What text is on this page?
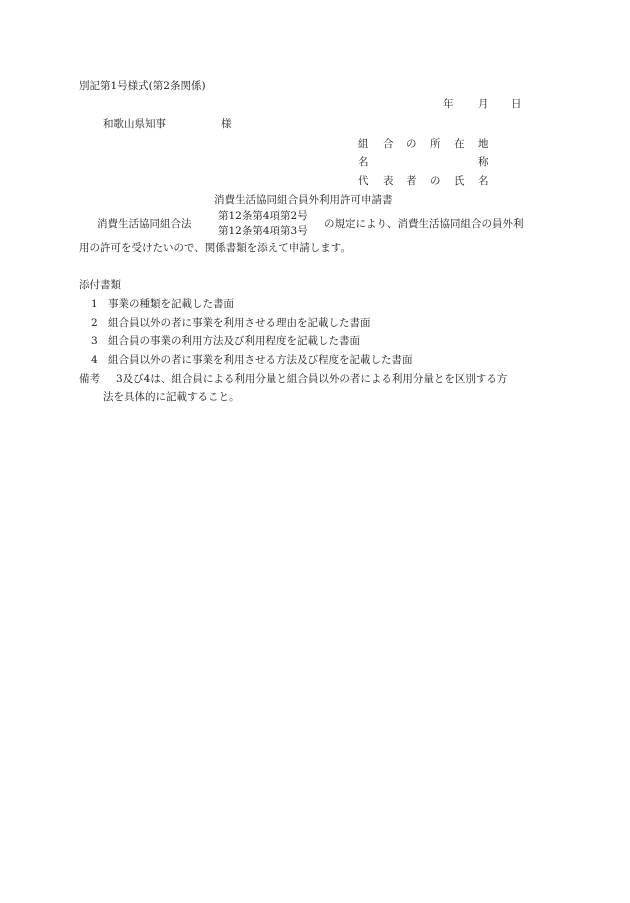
別記第1号様式(第2条関係)
年 月 日
和歌山県知事	様
組 合 の 所 在 地
名	称
代 表 者 の 氏 名
消費生活協同組合員外利用許可申請書
消費生活協同組合法
第12条第4項第2号
第12条第4項第3号
の規定により、消費生活協同組合の員外利
用の許可を受けたいので、関係書類を添えて申請します。
添付書類
1 事業の種類を記載した書面
2 組合員以外の者に事業を利用させる理由を記載した書面
3 組合員の事業の利用方法及び利用程度を記載した書面
4 組合員以外の者に事業を利用させる方法及び程度を記載した書面
備考 3及び4は、組合員による利用分量と組合員以外の者による利用分量とを区別する方
法を具体的に記載すること。
